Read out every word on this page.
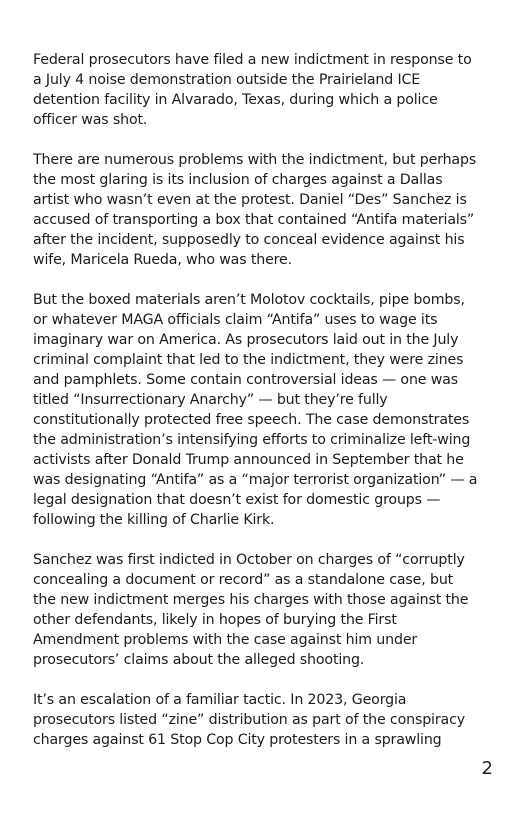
Federal prosecutors have filed a new indictment in response to a July 4 noise demonstration outside the Prairieland ICE detention facility in Alvarado, Texas, during which a police officer was shot.

There are numerous problems with the indictment, but perhaps the most glaring is its inclusion of charges against a Dallas artist who wasn’t even at the protest. Daniel “Des” Sanchez is accused of transporting a box that contained “Antifa materials” after the incident, supposedly to conceal evidence against his wife, Maricela Rueda, who was there.

But the boxed materials aren’t Molotov cocktails, pipe bombs, or whatever MAGA officials claim “Antifa” uses to wage its imaginary war on America. As prosecutors laid out in the July criminal complaint that led to the indictment, they were zines and pamphlets. Some contain controversial ideas — one was titled “Insurrectionary Anarchy” — but they’re fully constitutionally protected free speech. The case demonstrates the administration’s intensifying efforts to criminalize left-wing activists after Donald Trump announced in September that he was designating “Antifa” as a “major terrorist organization” — a legal designation that doesn’t exist for domestic groups — following the killing of Charlie Kirk.

Sanchez was first indicted in October on charges of “corruptly concealing a document or record” as a standalone case, but the new indictment merges his charges with those against the other defendants, likely in hopes of burying the First Amendment problems with the case against him under prosecutors’ claims about the alleged shooting.

It’s an escalation of a familiar tactic. In 2023, Georgia prosecutors listed “zine” distribution as part of the conspiracy charges against 61 Stop Cop City protesters in a sprawling

2
